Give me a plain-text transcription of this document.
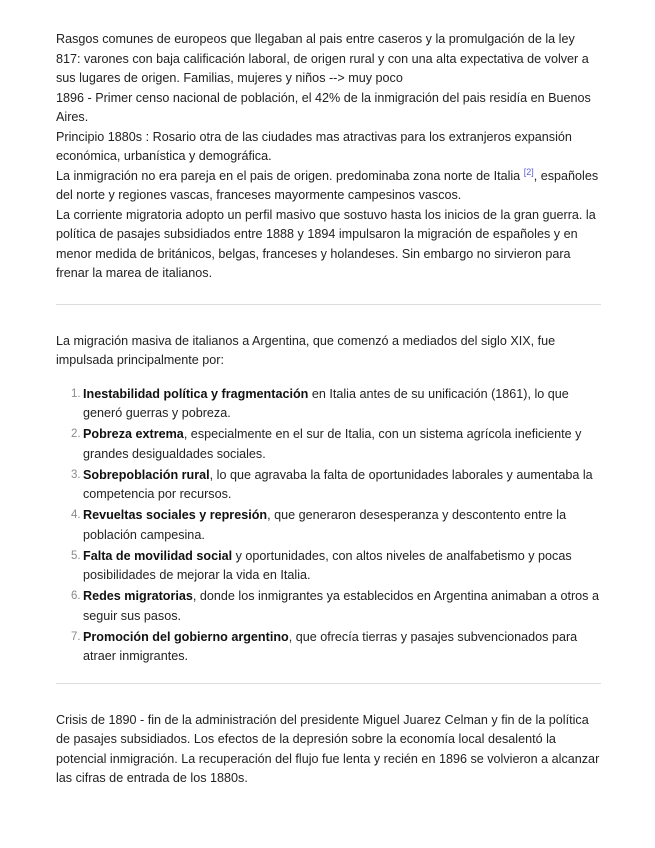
Rasgos comunes de europeos que llegaban al pais entre caseros y la promulgación de la ley 817: varones con baja calificación laboral, de origen rural y con una alta expectativa de volver a sus lugares de origen. Familias, mujeres y niños --> muy poco

1896 - Primer censo nacional de población, el 42% de la inmigración del pais residía en Buenos Aires.

Principio 1880s : Rosario otra de las ciudades mas atractivas para los extranjeros expansión económica, urbanística y demográfica.

La inmigración no era pareja en el pais de origen. predominaba zona norte de Italia [2], españoles del norte y regiones vascas, franceses mayormente campesinos vascos.

La corriente migratoria adopto un perfil masivo que sostuvo hasta los inicios de la gran guerra. la política de pasajes subsidiados entre 1888 y 1894 impulsaron la migración de españoles y en menor medida de británicos, belgas, franceses y holandeses. Sin embargo no sirvieron para frenar la marea de italianos.

La migración masiva de italianos a Argentina, que comenzó a mediados del siglo XIX, fue impulsada principalmente por:

1. Inestabilidad política y fragmentación en Italia antes de su unificación (1861), lo que generó guerras y pobreza.
2. Pobreza extrema, especialmente en el sur de Italia, con un sistema agrícola ineficiente y grandes desigualdades sociales.
3. Sobrepoblación rural, lo que agravaba la falta de oportunidades laborales y aumentaba la competencia por recursos.
4. Revueltas sociales y represión, que generaron desesperanza y descontento entre la población campesina.
5. Falta de movilidad social y oportunidades, con altos niveles de analfabetismo y pocas posibilidades de mejorar la vida en Italia.
6. Redes migratorias, donde los inmigrantes ya establecidos en Argentina animaban a otros a seguir sus pasos.
7. Promoción del gobierno argentino, que ofrecía tierras y pasajes subvencionados para atraer inmigrantes.

Crisis de 1890 - fin de la administración del presidente Miguel Juarez Celman y fin de la política de pasajes subsidiados. Los efectos de la depresión sobre la economía local desalentó la potencial inmigración. La recuperación del flujo fue lenta y recién en 1896 se volvieron a alcanzar las cifras de entrada de los 1880s.
